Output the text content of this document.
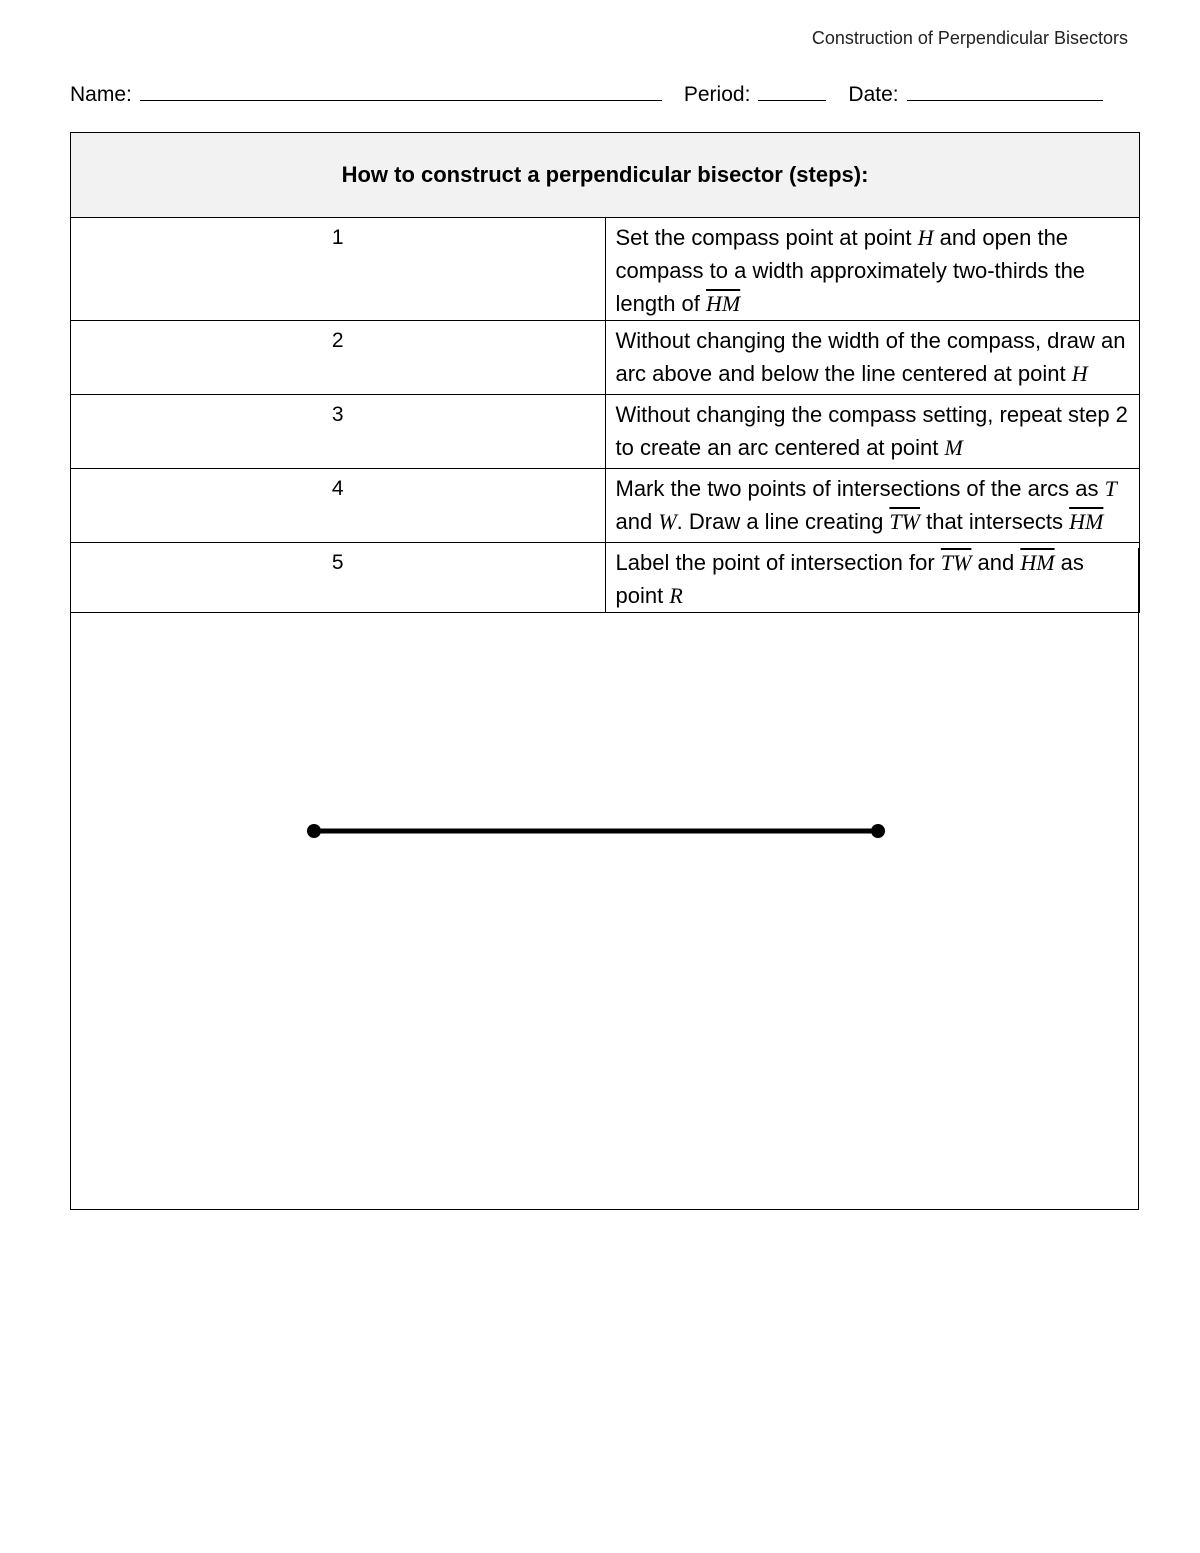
Construction of Perpendicular Bisectors
Name:	Period:	Date:
How to construct a perpendicular bisector (steps):	
1	Set the compass point at point H and open the compass to a width approximately two-thirds the length of $\overline{HM}$
2	Without changing the width of the compass, draw an arc above and below the line centered at point H
3	Without changing the compass setting, repeat step 2 to create an arc centered at point M
4	Mark the two points of intersections of the arcs as T and W. Draw a line creating $\overline{TW}$ that intersects $\overline{HM}$
5	Label the point of intersection for $\overline{TW}$ and $\overline{HM}$ as point R
